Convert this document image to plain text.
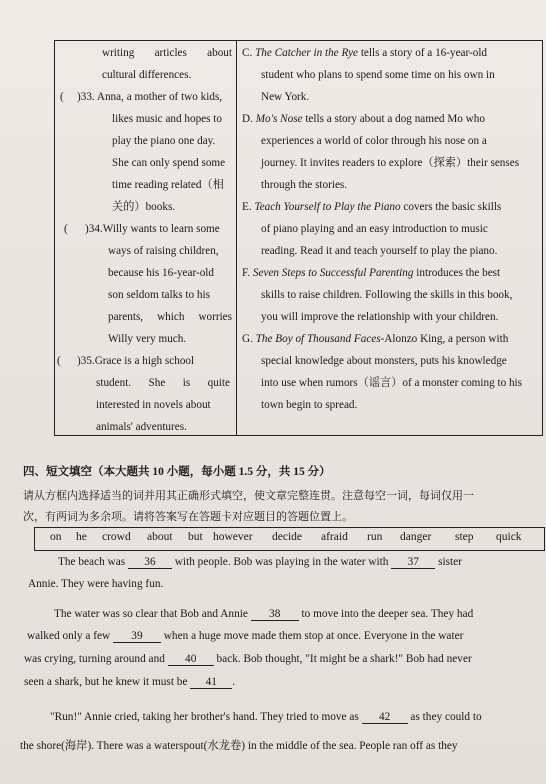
writing articles about
cultural differences.
( )33. Anna, a mother of two kids,
likes music and hopes to
play the piano one day.
She can only spend some
time reading related（相
关的）books.
( )34.Willy wants to learn some
ways of raising children,
because his 16-year-old
son seldom talks to his
parents, which worries
Willy very much.
( )35.Grace is a high school
student. She is quite
interested in novels about
animals' adventures.
C. The Catcher in the Rye tells a story of a 16-year-old
student who plans to spend some time on his own in
New York.
D. Mo's Nose tells a story about a dog named Mo who
experiences a world of color through his nose on a
journey. It invites readers to explore（探索）their senses
through the stories.
E. Teach Yourself to Play the Piano covers the basic skills
of piano playing and an easy introduction to music
reading. Read it and teach yourself to play the piano.
F. Seven Steps to Successful Parenting introduces the best
skills to raise children. Following the skills in this book,
you will improve the relationship with your children.
G. The Boy of Thousand Faces-Alonzo King, a person with
special knowledge about monsters, puts his knowledge
into use when rumors（谣言）of a monster coming to his
town begin to spread.
四、短文填空（本大题共 10 小题，每小题 1.5 分，共 15 分）
请从方框内选择适当的词并用其正确形式填空，使文章完整连贯。注意每空一词，每词仅用一
次，有两词为多余项。请将答案写在答题卡对应题目的答题位置上。
on he crowd about but however decide afraid run danger step quick
The beach was 36 with people. Bob was playing in the water with 37 sister
Annie. They were having fun.
The water was so clear that Bob and Annie 38 to move into the deeper sea. They had
walked only a few 39 when a huge move made them stop at once. Everyone in the water
was crying, turning around and 40 back. Bob thought, "It might be a shark!" Bob had never
seen a shark, but he knew it must be 41 .
"Run!" Annie cried, taking her brother's hand. They tried to move as 42 as they could to
the shore(海岸). There was a waterspout(水龙卷) in the middle of the sea. People ran off as they
